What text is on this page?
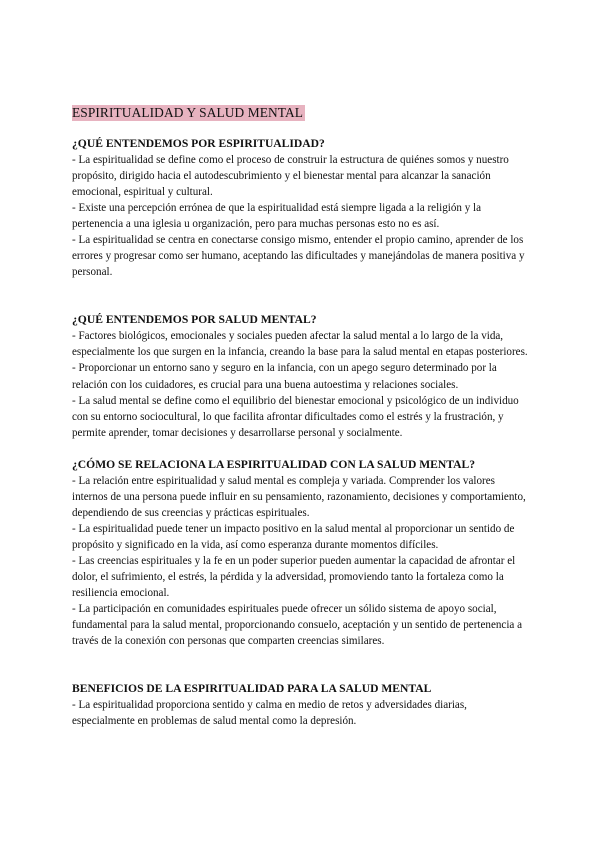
ESPIRITUALIDAD Y SALUD MENTAL

¿QUÉ ENTENDEMOS POR ESPIRITUALIDAD?

- La espiritualidad se define como el proceso de construir la estructura de quiénes somos y nuestro propósito, dirigido hacia el autodescubrimiento y el bienestar mental para alcanzar la sanación emocional, espiritual y cultural.

- Existe una percepción errónea de que la espiritualidad está siempre ligada a la religión y la pertenencia a una iglesia u organización, pero para muchas personas esto no es así.

- La espiritualidad se centra en conectarse consigo mismo, entender el propio camino, aprender de los errores y progresar como ser humano, aceptando las dificultades y manejándolas de manera positiva y personal.

¿QUÉ ENTENDEMOS POR SALUD MENTAL?

- Factores biológicos, emocionales y sociales pueden afectar la salud mental a lo largo de la vida, especialmente los que surgen en la infancia, creando la base para la salud mental en etapas posteriores.

- Proporcionar un entorno sano y seguro en la infancia, con un apego seguro determinado por la relación con los cuidadores, es crucial para una buena autoestima y relaciones sociales.

- La salud mental se define como el equilibrio del bienestar emocional y psicológico de un individuo con su entorno sociocultural, lo que facilita afrontar dificultades como el estrés y la frustración, y permite aprender, tomar decisiones y desarrollarse personal y socialmente.

¿CÓMO SE RELACIONA LA ESPIRITUALIDAD CON LA SALUD MENTAL?

- La relación entre espiritualidad y salud mental es compleja y variada. Comprender los valores internos de una persona puede influir en su pensamiento, razonamiento, decisiones y comportamiento, dependiendo de sus creencias y prácticas espirituales.

- La espiritualidad puede tener un impacto positivo en la salud mental al proporcionar un sentido de propósito y significado en la vida, así como esperanza durante momentos difíciles.

- Las creencias espirituales y la fe en un poder superior pueden aumentar la capacidad de afrontar el dolor, el sufrimiento, el estrés, la pérdida y la adversidad, promoviendo tanto la fortaleza como la resiliencia emocional.

- La participación en comunidades espirituales puede ofrecer un sólido sistema de apoyo social, fundamental para la salud mental, proporcionando consuelo, aceptación y un sentido de pertenencia a través de la conexión con personas que comparten creencias similares.

BENEFICIOS DE LA ESPIRITUALIDAD PARA LA SALUD MENTAL

- La espiritualidad proporciona sentido y calma en medio de retos y adversidades diarias, especialmente en problemas de salud mental como la depresión.
